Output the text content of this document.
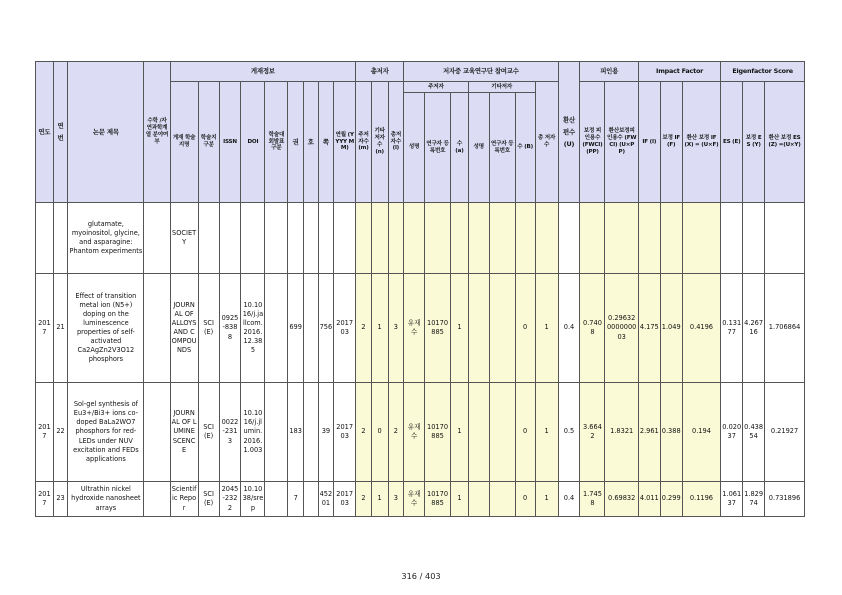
연도	연번	논문 제목	수학 /자연과학계열 분야여부	게재정보									총저자			저자중 교육연구단 참여교수							환산 편수 (U)	피인용		Impact Factor			Eigenfactor Score		
				게재 학술지명	학술지 구분	ISSN	DOI	학술대 회발표 구분	권	호	쪽	연월 (YYYY MM)	주저자수 (m)	기타저자수 (n)	총저자수 (l)	주저자			기타저자			총 저자수		보정 피인용수 (FWCI) (PP)	환산보정피인용수 (FWCI) (U×PP)	IF (I)	보정 IF (F)	환산 보정 IF(X) = (U×F)	ES (E)	보정 ES (Y)	환산 보정 ES(Z) =(U×Y)
																성명	연구자 등록번호	수 (a)	성명	연구자 등록번호	수 (B)										
		glutamate, myoinositol, glycine, and asparagine: Phantom experiments		SOCIETY																											
2017	21	Effect of transition metal ion (N5+) doping on the luminescence properties of self-activated Ca2AgZn2V3O12 phosphors		JOURNAL OF ALLOYS AND COMPOUNDS	SCI(E)	0925-8388	10.1016/j.jallcom.2016.12.385		699		756	2017 03	2	1	3	유재수	10170885	1			0	1	0.4	0.7408	0.29632000000003	4.175	1.049	0.4196	0.13177	4.26716	1.706864
2017	22	Sol-gel synthesis of Eu3+/Bi3+ ions co-doped BaLa2WO7 phosphors for red-LEDs under NUV excitation and FEDs applications		JOURNAL OF LUMINESCENCE	SCI(E)	0022-2313	10.1016/j.jlumin.2016.1.003		183		39	2017 03	2	0	2	유재수	10170885	1			0	1	0.5	3.6642	1.8321	2.961	0.388	0.194	0.02037	0.43854	0.21927
2017	23	Ultrathin nickel hydroxide nanosheet arrays		Scientific Repor	SCI(E)	2045-2322	10.1038/srep		7		45201	2017 03	2	1	3	유재수	10170885	1			0	1	0.4	1.7458	0.69832	4.011	0.299	0.1196	1.06137	1.82974	0.731896
316 / 403
